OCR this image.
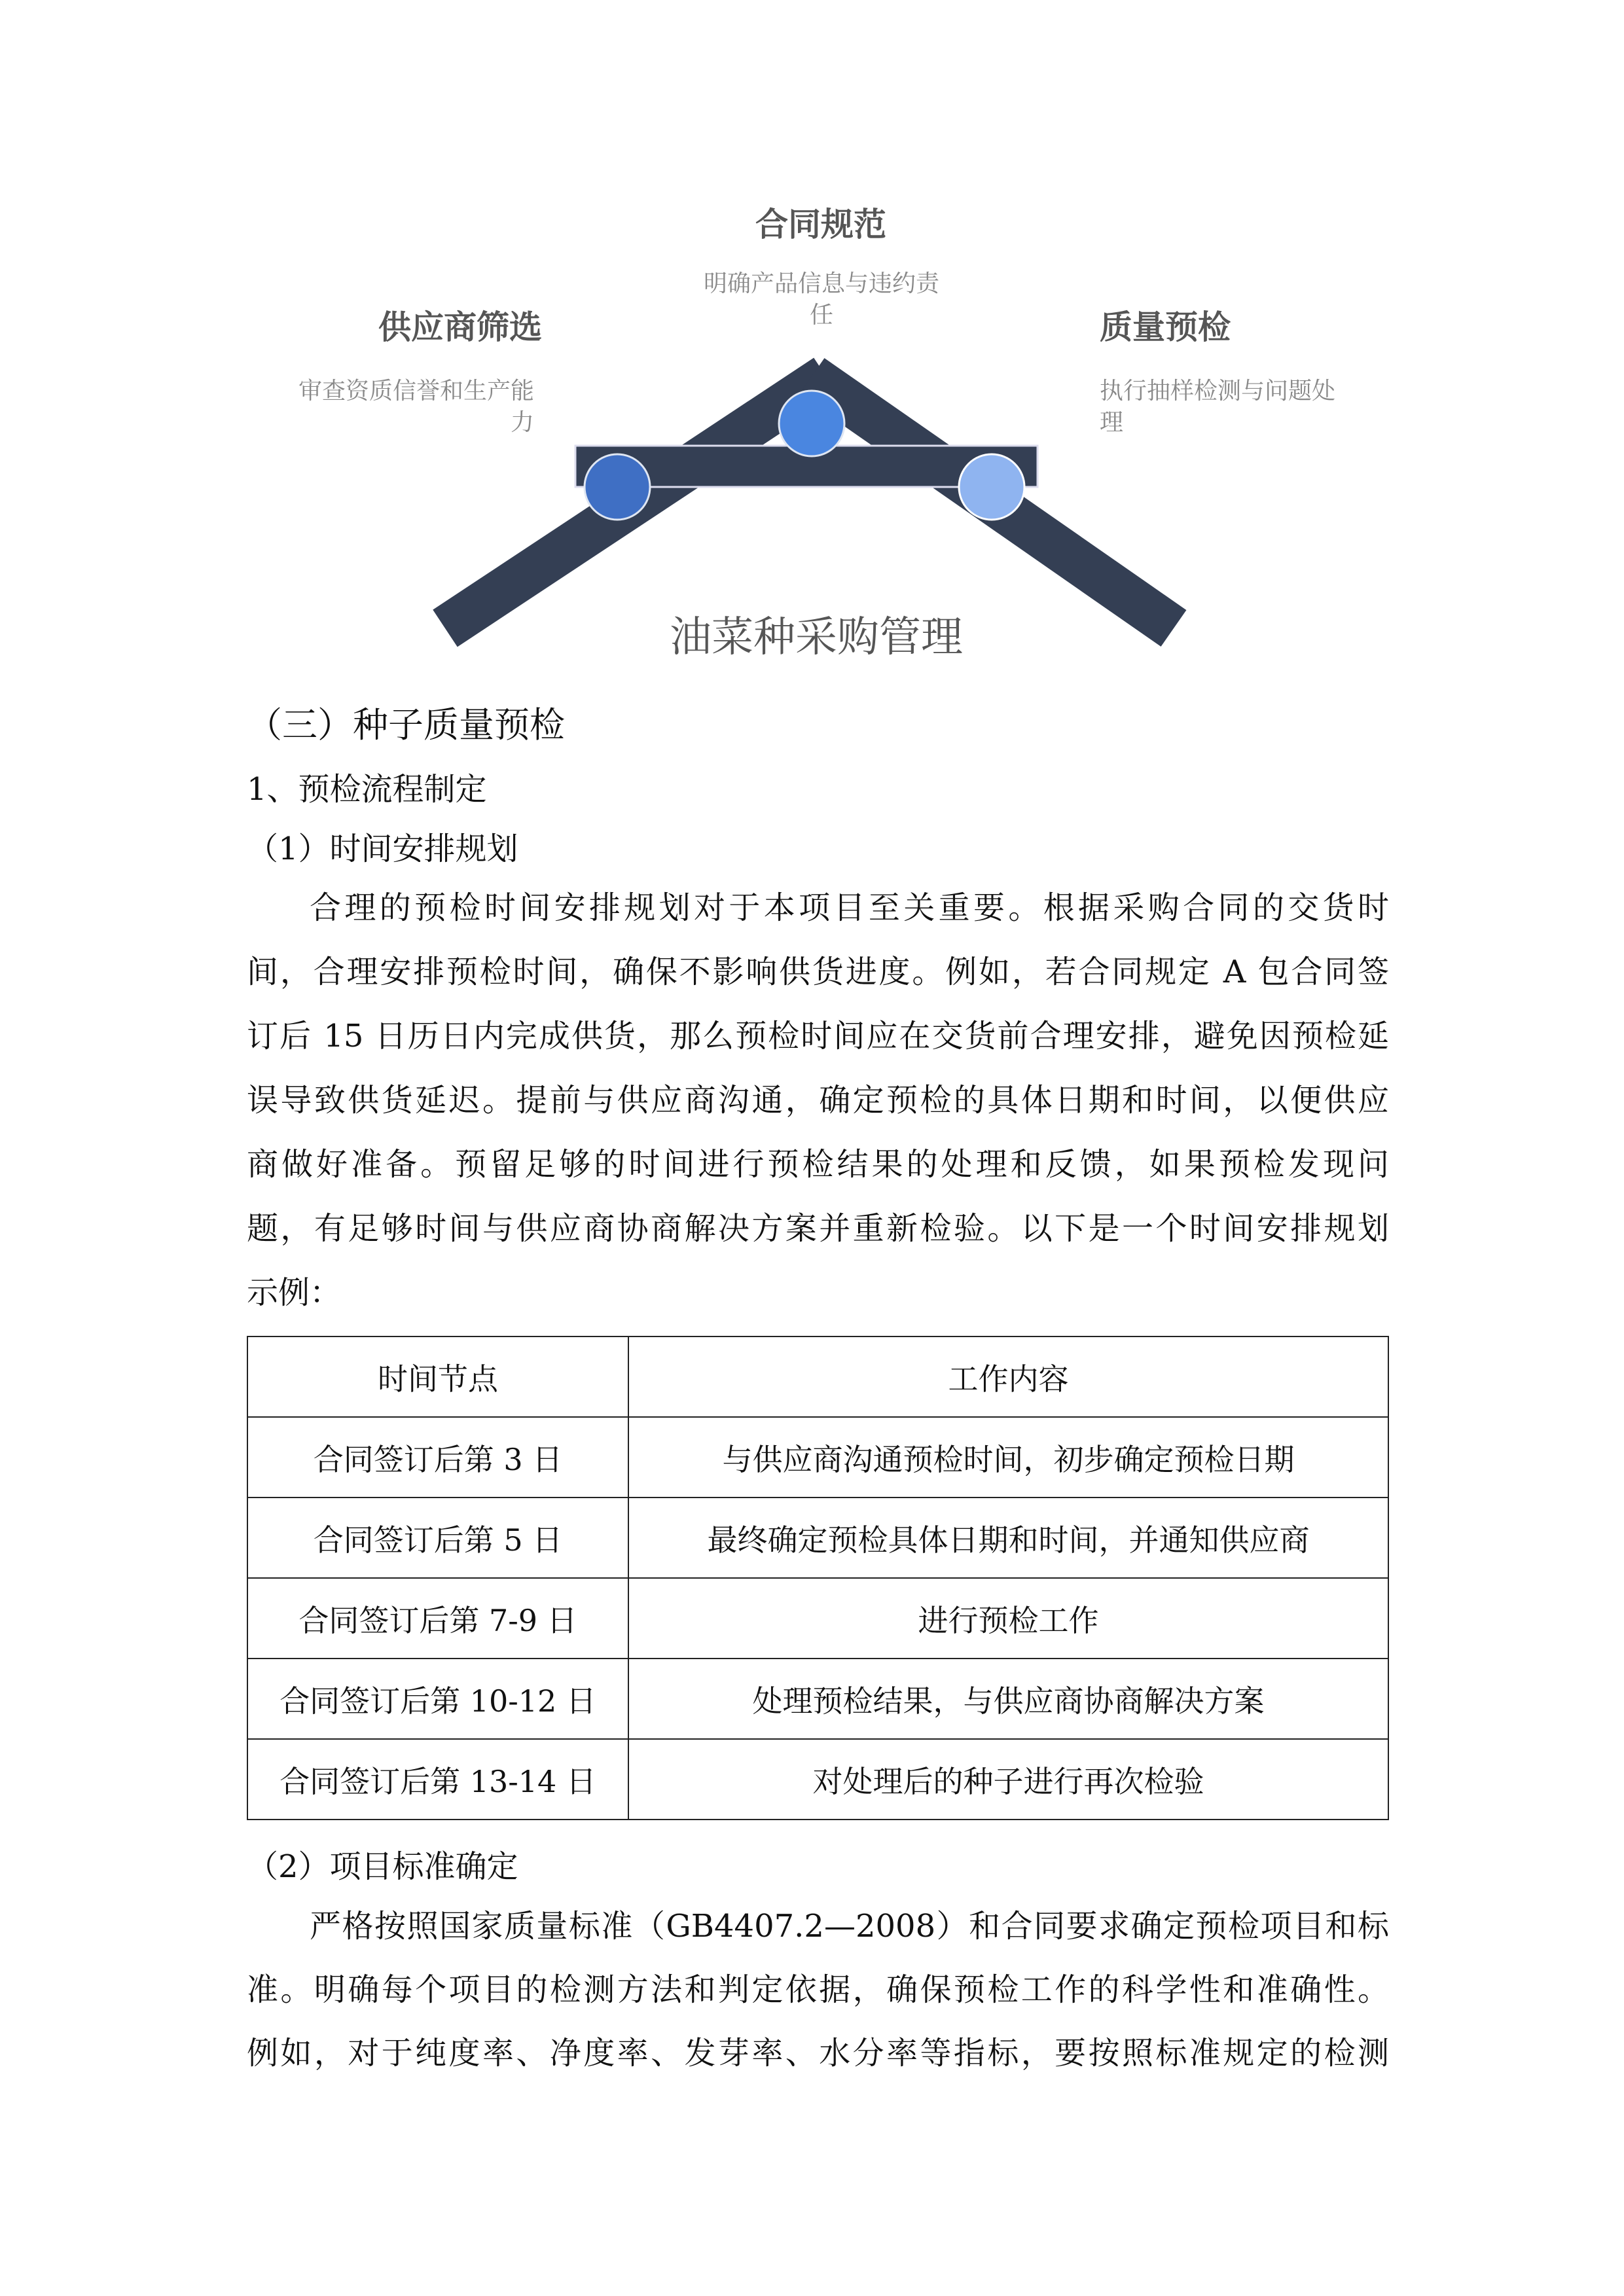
合同规范
明确产品信息与违约责
任
供应商筛选
审查资质信誉和生产能
力
质量预检
执行抽样检测与问题处
理
油菜种采购管理
（三）种子质量预检
1、预检流程制定
（1）时间安排规划
合理的预检时间安排规划对于本项目至关重要。根据采购合同的交货时
间，合理安排预检时间，确保不影响供货进度。例如，若合同规定 A 包合同签
订后 15 日历日内完成供货，那么预检时间应在交货前合理安排，避免因预检延
误导致供货延迟。提前与供应商沟通，确定预检的具体日期和时间，以便供应
商做好准备。预留足够的时间进行预检结果的处理和反馈，如果预检发现问
题，有足够时间与供应商协商解决方案并重新检验。以下是一个时间安排规划
示例：
时间节点	工作内容
合同签订后第 3 日	与供应商沟通预检时间，初步确定预检日期
合同签订后第 5 日	最终确定预检具体日期和时间，并通知供应商
合同签订后第 7-9 日	进行预检工作
合同签订后第 10-12 日	处理预检结果，与供应商协商解决方案
合同签订后第 13-14 日	对处理后的种子进行再次检验
（2）项目标准确定
严格按照国家质量标准（GB4407.2—2008）和合同要求确定预检项目和标
准。明确每个项目的检测方法和判定依据，确保预检工作的科学性和准确性。
例如，对于纯度率、净度率、发芽率、水分率等指标，要按照标准规定的检测
